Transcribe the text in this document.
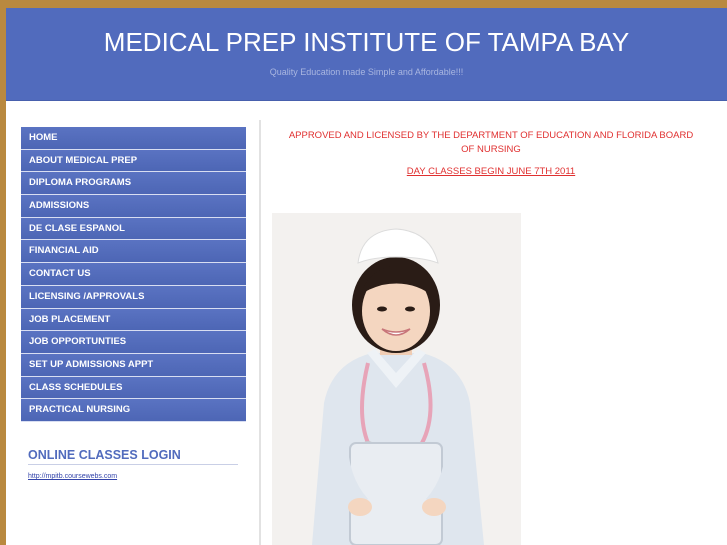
MEDICAL PREP INSTITUTE OF TAMPA BAY
Quality Education made Simple and Affordable!!!
HOME
ABOUT MEDICAL PREP
DIPLOMA PROGRAMS
ADMISSIONS
DE CLASE ESPANOL
FINANCIAL AID
CONTACT US
LICENSING /APPROVALS
JOB PLACEMENT
JOB OPPORTUNTIES
SET UP ADMISSIONS APPT
CLASS SCHEDULES
PRACTICAL NURSING
ONLINE CLASSES LOGIN
http://mpitb.coursewebs.com
APPROVED AND LICENSED BY THE DEPARTMENT OF EDUCATION AND FLORIDA BOARD OF NURSING
DAY CLASSES BEGIN JUNE 7TH 2011
